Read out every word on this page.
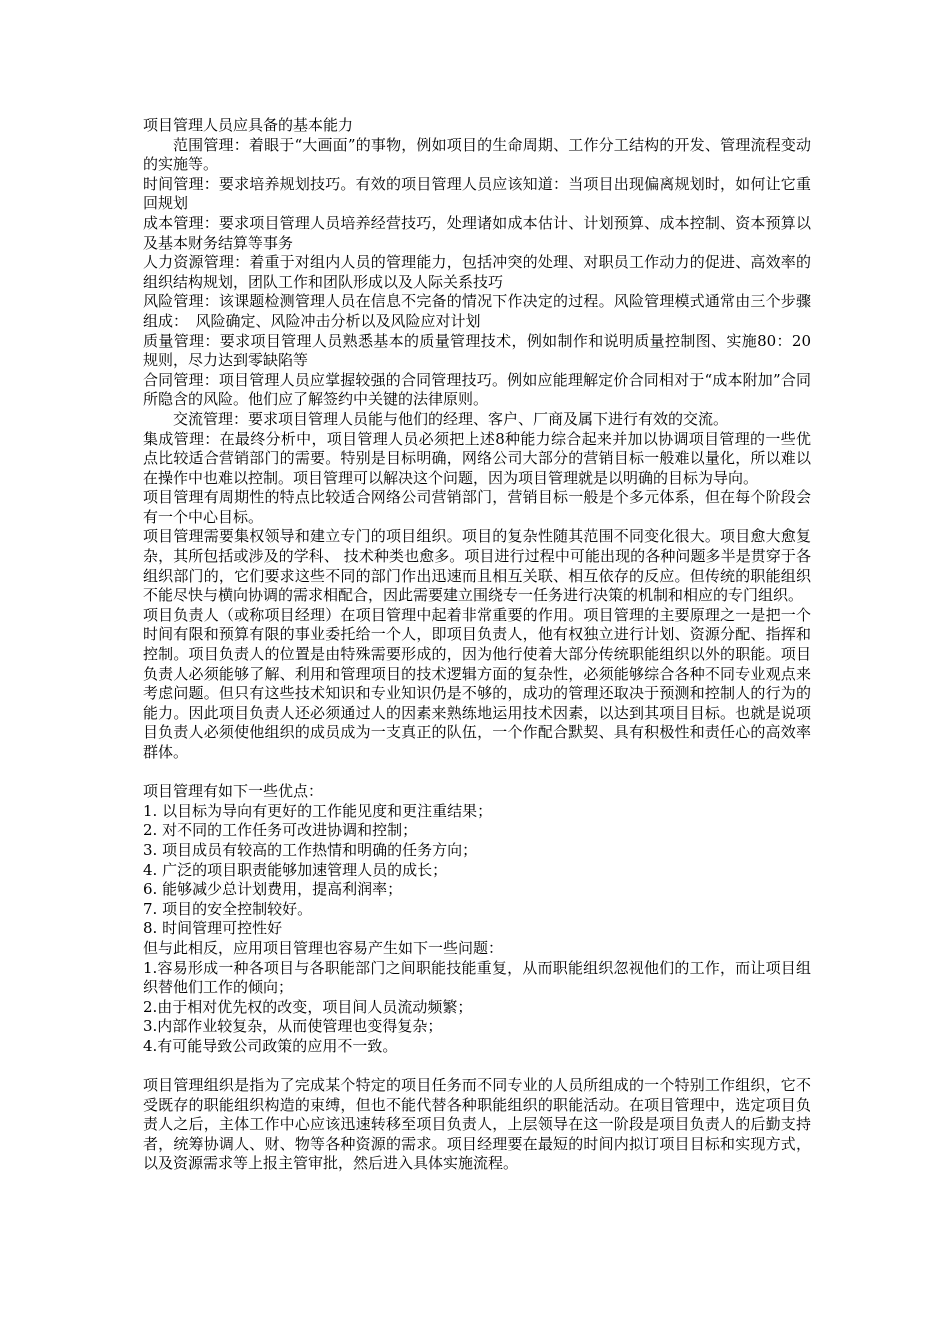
项目管理人员应具备的基本能力

范围管理：着眼于“大画面”的事物，例如项目的生命周期、工作分工结构的开发、管理流程变动的实施等。

时间管理：要求培养规划技巧。有效的项目管理人员应该知道：当项目出现偏离规划时，如何让它重回规划

成本管理：要求项目管理人员培养经营技巧，处理诸如成本估计、计划预算、成本控制、资本预算以及基本财务结算等事务

人力资源管理：着重于对组内人员的管理能力，包括冲突的处理、对职员工作动力的促进、高效率的组织结构规划，团队工作和团队形成以及人际关系技巧

风险管理：该课题检测管理人员在信息不完备的情况下作决定的过程。风险管理模式通常由三个步骤组成：　风险确定、风险冲击分析以及风险应对计划

质量管理：要求项目管理人员熟悉基本的质量管理技术，例如制作和说明质量控制图、实施80：20规则，尽力达到零缺陷等

合同管理：项目管理人员应掌握较强的合同管理技巧。例如应能理解定价合同相对于“成本附加”合同所隐含的风险。他们应了解签约中关键的法律原则。

交流管理：要求项目管理人员能与他们的经理、客户、厂商及属下进行有效的交流。

集成管理：在最终分析中，项目管理人员必须把上述8种能力综合起来并加以协调项目管理的一些优点比较适合营销部门的需要。特别是目标明确，网络公司大部分的营销目标一般难以量化，所以难以在操作中也难以控制。项目管理可以解决这个问题，因为项目管理就是以明确的目标为导向。

项目管理有周期性的特点比较适合网络公司营销部门，营销目标一般是个多元体系，但在每个阶段会有一个中心目标。

项目管理需要集权领导和建立专门的项目组织。项目的复杂性随其范围不同变化很大。项目愈大愈复杂，其所包括或涉及的学科、 技术种类也愈多。项目进行过程中可能出现的各种问题多半是贯穿于各组织部门的，它们要求这些不同的部门作出迅速而且相互关联、相互依存的反应。但传统的职能组织不能尽快与横向协调的需求相配合，因此需要建立围绕专一任务进行决策的机制和相应的专门组织。

项目负责人（或称项目经理）在项目管理中起着非常重要的作用。项目管理的主要原理之一是把一个时间有限和预算有限的事业委托给一个人，即项目负责人，他有权独立进行计划、资源分配、指挥和控制。项目负责人的位置是由特殊需要形成的，因为他行使着大部分传统职能组织以外的职能。项目负责人必须能够了解、利用和管理项目的技术逻辑方面的复杂性，必须能够综合各种不同专业观点来考虑问题。但只有这些技术知识和专业知识仍是不够的，成功的管理还取决于预测和控制人的行为的能力。因此项目负责人还必须通过人的因素来熟练地运用技术因素，以达到其项目目标。也就是说项目负责人必须使他组织的成员成为一支真正的队伍，一个作配合默契、具有积极性和责任心的高效率群体。

项目管理有如下一些优点：

1. 以目标为导向有更好的工作能见度和更注重结果；

2. 对不同的工作任务可改进协调和控制；

3. 项目成员有较高的工作热情和明确的任务方向；

4. 广泛的项目职责能够加速管理人员的成长；

6. 能够减少总计划费用，提高利润率；

7. 项目的安全控制较好。

8. 时间管理可控性好

但与此相反，应用项目管理也容易产生如下一些问题：

1.容易形成一种各项目与各职能部门之间职能技能重复，从而职能组织忽视他们的工作，而让项目组织替他们工作的倾向；

2.由于相对优先权的改变，项目间人员流动频繁；

3.内部作业较复杂，从而使管理也变得复杂；

4.有可能导致公司政策的应用不一致。

项目管理组织是指为了完成某个特定的项目任务而不同专业的人员所组成的一个特别工作组织，它不受既存的职能组织构造的束缚，但也不能代替各种职能组织的职能活动。在项目管理中，选定项目负责人之后，主体工作中心应该迅速转移至项目负责人，上层领导在这一阶段是项目负责人的后勤支持者，统筹协调人、财、物等各种资源的需求。项目经理要在最短的时间内拟订项目目标和实现方式，以及资源需求等上报主管审批，然后进入具体实施流程。
